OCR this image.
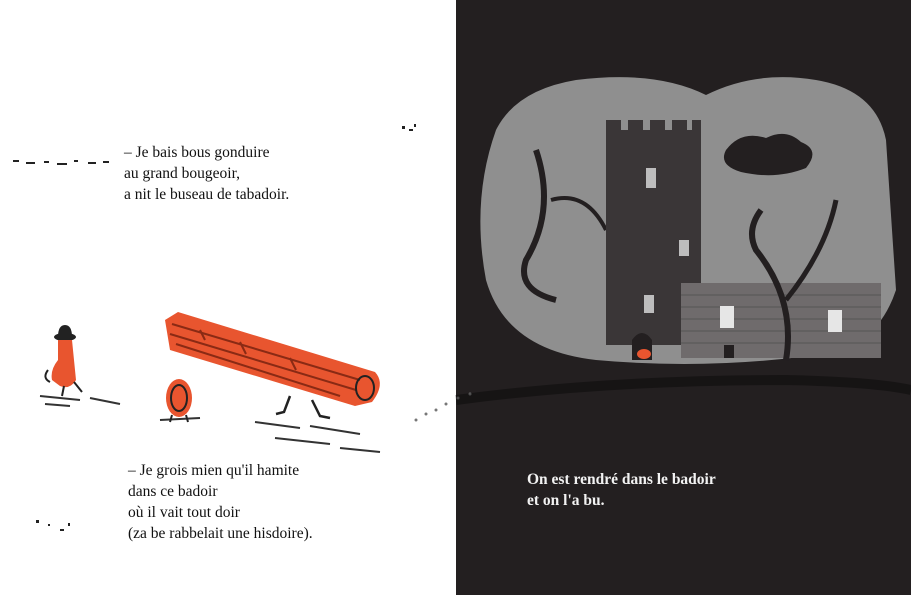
– Je bais bous gonduire
au grand bougeoir,
a nit le buseau de tabadoir.
– Je grois mien qu'il hamite
dans ce badoir
où il vait tout doir
(za be rabbelait une hisdoire).
On est rendré dans le badoir
et on l'a bu.
